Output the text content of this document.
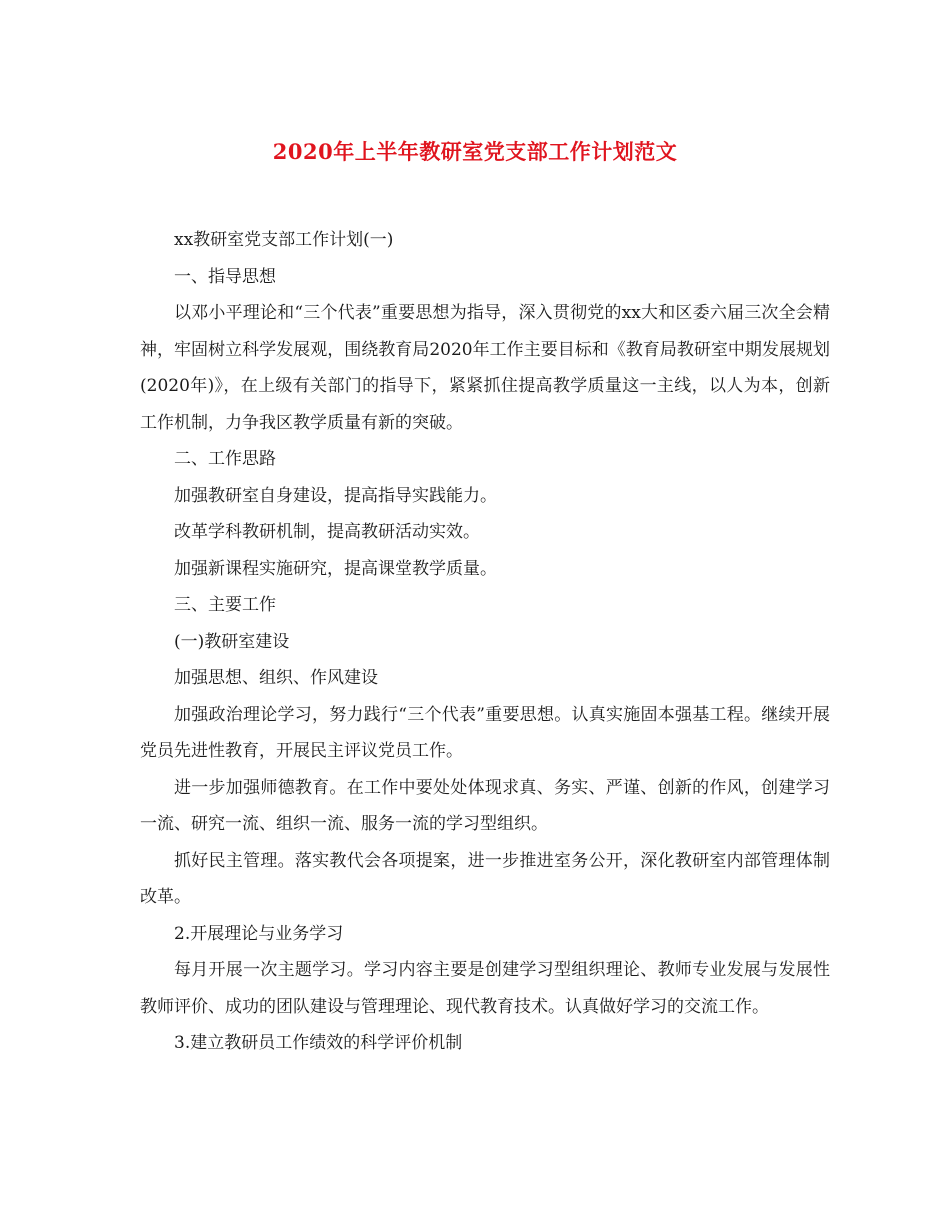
2020年上半年教研室党支部工作计划范文

xx教研室党支部工作计划(一)

一、指导思想

以邓小平理论和“三个代表”重要思想为指导，深入贯彻党的xx大和区委六届三次全会精神，牢固树立科学发展观，围绕教育局2020年工作主要目标和《教育局教研室中期发展规划(2020年)》，在上级有关部门的指导下，紧紧抓住提高教学质量这一主线，以人为本，创新工作机制，力争我区教学质量有新的突破。

二、工作思路

加强教研室自身建设，提高指导实践能力。

改革学科教研机制，提高教研活动实效。

加强新课程实施研究，提高课堂教学质量。

三、主要工作

(一)教研室建设

加强思想、组织、作风建设

加强政治理论学习，努力践行“三个代表”重要思想。认真实施固本强基工程。继续开展党员先进性教育，开展民主评议党员工作。

进一步加强师德教育。在工作中要处处体现求真、务实、严谨、创新的作风，创建学习一流、研究一流、组织一流、服务一流的学习型组织。

抓好民主管理。落实教代会各项提案，进一步推进室务公开，深化教研室内部管理体制改革。

2.开展理论与业务学习

每月开展一次主题学习。学习内容主要是创建学习型组织理论、教师专业发展与发展性教师评价、成功的团队建设与管理理论、现代教育技术。认真做好学习的交流工作。

3.建立教研员工作绩效的科学评价机制
